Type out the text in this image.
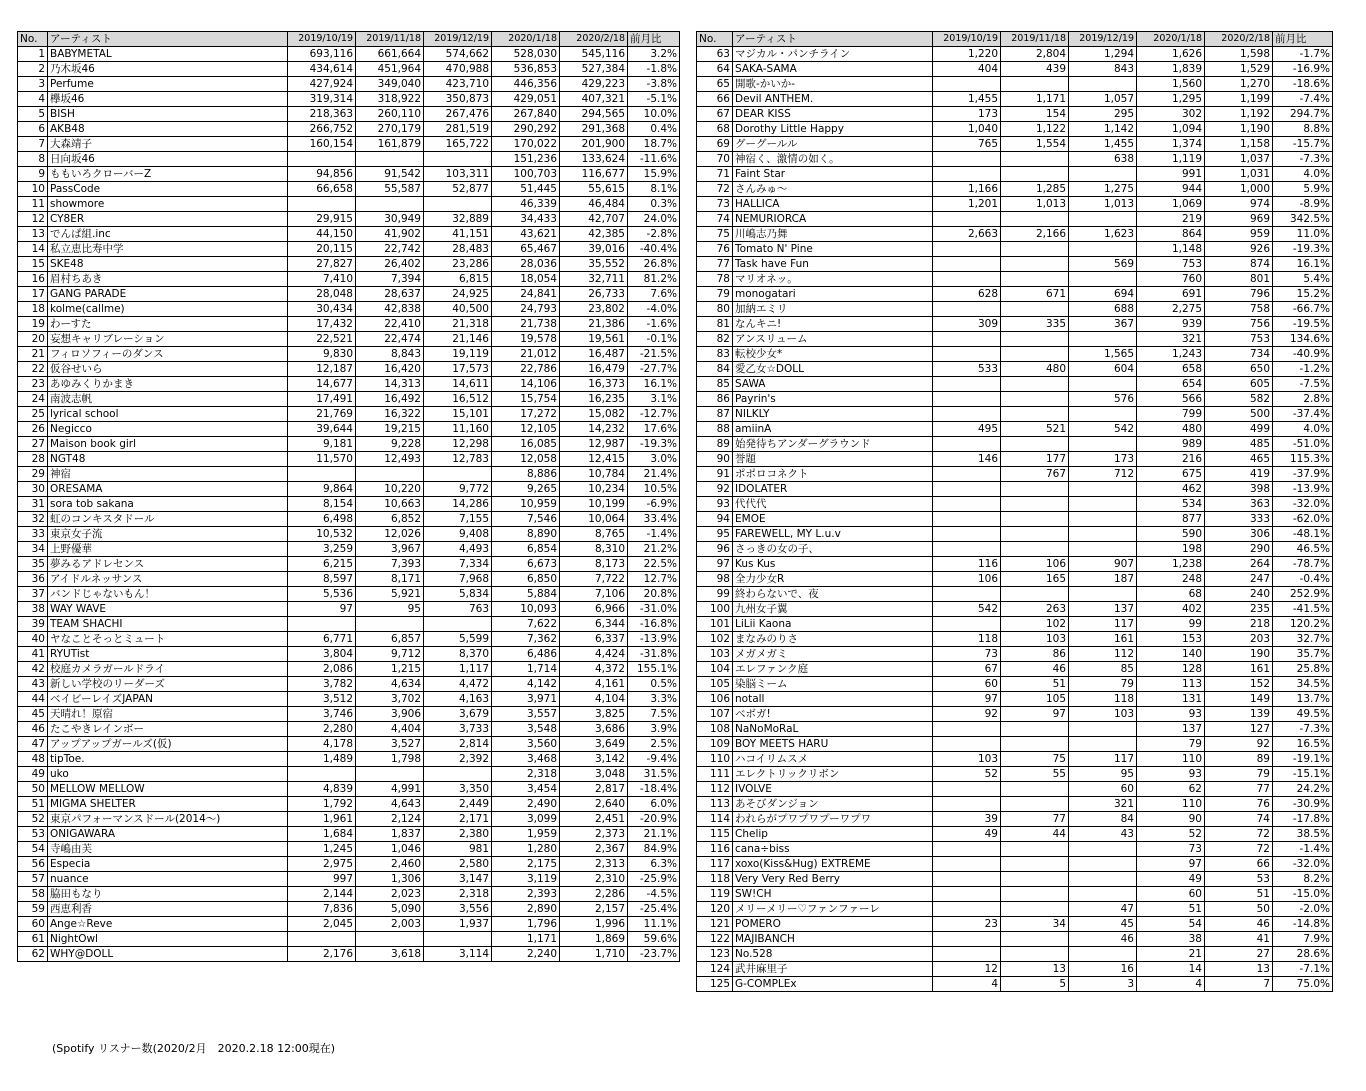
No.	アーティスト	2019/10/19	2019/11/18	2019/12/19	2020/1/18	2020/2/18	前月比
1	BABYMETAL	693,116	661,664	574,662	528,030	545,116	3.2%
2	乃木坂46	434,614	451,964	470,988	536,853	527,384	-1.8%
3	Perfume	427,924	349,040	423,710	446,356	429,223	-3.8%
4	欅坂46	319,314	318,922	350,873	429,051	407,321	-5.1%
5	BISH	218,363	260,110	267,476	267,840	294,565	10.0%
6	AKB48	266,752	270,179	281,519	290,292	291,368	0.4%
7	大森靖子	160,154	161,879	165,722	170,022	201,900	18.7%
8	日向坂46				151,236	133,624	-11.6%
9	ももいろクローバーZ	94,856	91,542	103,311	100,703	116,677	15.9%
10	PassCode	66,658	55,587	52,877	51,445	55,615	8.1%
11	showmore				46,339	46,484	0.3%
12	CY8ER	29,915	30,949	32,889	34,433	42,707	24.0%
13	でんぱ組.inc	44,150	41,902	41,151	43,621	42,385	-2.8%
14	私立恵比寿中学	20,115	22,742	28,483	65,467	39,016	-40.4%
15	SKE48	27,827	26,402	23,286	28,036	35,552	26.8%
16	眉村ちあき	7,410	7,394	6,815	18,054	32,711	81.2%
17	GANG PARADE	28,048	28,637	24,925	24,841	26,733	7.6%
18	kolme(callme)	30,434	42,838	40,500	24,793	23,802	-4.0%
19	わーすた	17,432	22,410	21,318	21,738	21,386	-1.6%
20	妄想キャリブレーション	22,521	22,474	21,146	19,578	19,561	-0.1%
21	フィロソフィーのダンス	9,830	8,843	19,119	21,012	16,487	-21.5%
22	仮谷せいら	12,187	16,420	17,573	22,786	16,479	-27.7%
23	あゆみくりかまき	14,677	14,313	14,611	14,106	16,373	16.1%
24	南波志帆	17,491	16,492	16,512	15,754	16,235	3.1%
25	lyrical school	21,769	16,322	15,101	17,272	15,082	-12.7%
26	Negicco	39,644	19,215	11,160	12,105	14,232	17.6%
27	Maison book girl	9,181	9,228	12,298	16,085	12,987	-19.3%
28	NGT48	11,570	12,493	12,783	12,058	12,415	3.0%
29	神宿				8,886	10,784	21.4%
30	ORESAMA	9,864	10,220	9,772	9,265	10,234	10.5%
31	sora tob sakana	8,154	10,663	14,286	10,959	10,199	-6.9%
32	虹のコンキスタドール	6,498	6,852	7,155	7,546	10,064	33.4%
33	東京女子流	10,532	12,026	9,408	8,890	8,765	-1.4%
34	上野優華	3,259	3,967	4,493	6,854	8,310	21.2%
35	夢みるアドレセンス	6,215	7,393	7,334	6,673	8,173	22.5%
36	アイドルネッサンス	8,597	8,171	7,968	6,850	7,722	12.7%
37	バンドじゃないもん！	5,536	5,921	5,834	5,884	7,106	20.8%
38	WAY WAVE	97	95	763	10,093	6,966	-31.0%
39	TEAM SHACHI				7,622	6,344	-16.8%
40	ヤなことそっとミュート	6,771	6,857	5,599	7,362	6,337	-13.9%
41	RYUTist	3,804	9,712	8,370	6,486	4,424	-31.8%
42	校庭カメラガールドライ	2,086	1,215	1,117	1,714	4,372	155.1%
43	新しい学校のリーダーズ	3,782	4,634	4,472	4,142	4,161	0.5%
44	ベイビーレイズJAPAN	3,512	3,702	4,163	3,971	4,104	3.3%
45	天晴れ！原宿	3,746	3,906	3,679	3,557	3,825	7.5%
46	たこやきレインボー	2,280	4,404	3,733	3,548	3,686	3.9%
47	アップアップガールズ(仮)	4,178	3,527	2,814	3,560	3,649	2.5%
48	tipToe.	1,489	1,798	2,392	3,468	3,142	-9.4%
49	uko				2,318	3,048	31.5%
50	MELLOW MELLOW	4,839	4,991	3,350	3,454	2,817	-18.4%
51	MIGMA SHELTER	1,792	4,643	2,449	2,490	2,640	6.0%
52	東京パフォーマンスドール(2014〜)	1,961	2,124	2,171	3,099	2,451	-20.9%
53	ONIGAWARA	1,684	1,837	2,380	1,959	2,373	21.1%
54	寺嶋由芙	1,245	1,046	981	1,280	2,367	84.9%
56	Especia	2,975	2,460	2,580	2,175	2,313	6.3%
57	nuance	997	1,306	3,147	3,119	2,310	-25.9%
58	脇田もなり	2,144	2,023	2,318	2,393	2,286	-4.5%
59	西恵利香	7,836	5,090	3,556	2,890	2,157	-25.4%
60	Ange☆Reve	2,045	2,003	1,937	1,796	1,996	11.1%
61	NightOwl				1,171	1,869	59.6%
62	WHY@DOLL	2,176	3,618	3,114	2,240	1,710	-23.7%
No.	アーティスト	2019/10/19	2019/11/18	2019/12/19	2020/1/18	2020/2/18	前月比
63	マジカル・パンチライン	1,220	2,804	1,294	1,626	1,598	-1.7%
64	SAKA-SAMA	404	439	843	1,839	1,529	-16.9%
65	開歌-かいか-				1,560	1,270	-18.6%
66	Devil ANTHEM.	1,455	1,171	1,057	1,295	1,199	-7.4%
67	DEAR KISS	173	154	295	302	1,192	294.7%
68	Dorothy Little Happy	1,040	1,122	1,142	1,094	1,190	8.8%
69	グーグールル	765	1,554	1,455	1,374	1,158	-15.7%
70	神宿く、激情の如く。			638	1,119	1,037	-7.3%
71	Faint Star				991	1,031	4.0%
72	さんみゅ〜	1,166	1,285	1,275	944	1,000	5.9%
73	HALLICA	1,201	1,013	1,013	1,069	974	-8.9%
74	NEMURIORCA				219	969	342.5%
75	川嶋志乃舞	2,663	2,166	1,623	864	959	11.0%
76	Tomato N' Pine				1,148	926	-19.3%
77	Task have Fun			569	753	874	16.1%
78	マリオネッ。				760	801	5.4%
79	monogatari	628	671	694	691	796	15.2%
80	加納エミリ			688	2,275	758	-66.7%
81	なんキニ!	309	335	367	939	756	-19.5%
82	アンスリューム				321	753	134.6%
83	転校少女*			1,565	1,243	734	-40.9%
84	愛乙女☆DOLL	533	480	604	658	650	-1.2%
85	SAWA				654	605	-7.5%
86	Payrin's			576	566	582	2.8%
87	NILKLY				799	500	-37.4%
88	amiinA	495	521	542	480	499	4.0%
89	始発待ちアンダーグラウンド				989	485	-51.0%
90	誉題	146	177	173	216	465	115.3%
91	ポポロコネクト		767	712	675	419	-37.9%
92	IDOLATER				462	398	-13.9%
93	代代代				534	363	-32.0%
94	EMOE				877	333	-62.0%
95	FAREWELL, MY L.u.v				590	306	-48.1%
96	さっきの女の子、				198	290	46.5%
97	Kus Kus	116	106	907	1,238	264	-78.7%
98	全力少女R	106	165	187	248	247	-0.4%
99	終わらないで、夜				68	240	252.9%
100	九州女子翼	542	263	137	402	235	-41.5%
101	LiLii Kaona		102	117	99	218	120.2%
102	まなみのりさ	118	103	161	153	203	32.7%
103	メガメガミ	73	86	112	140	190	35.7%
104	エレファンク庭	67	46	85	128	161	25.8%
105	染脳ミーム	60	51	79	113	152	34.5%
106	notall	97	105	118	131	149	13.7%
107	ベボガ!	92	97	103	93	139	49.5%
108	NaNoMoRaL				137	127	-7.3%
109	BOY MEETS HARU				79	92	16.5%
110	ハコイリムスメ	103	75	117	110	89	-19.1%
111	エレクトリックリボン	52	55	95	93	79	-15.1%
112	IVOLVE			60	62	77	24.2%
113	あそびダンジョン			321	110	76	-30.9%
114	われらがプワプワプーワプワ	39	77	84	90	74	-17.8%
115	Chelip	49	44	43	52	72	38.5%
116	cana÷biss				73	72	-1.4%
117	xoxo(Kiss&Hug) EXTREME				97	66	-32.0%
118	Very Very Red Berry				49	53	8.2%
119	SW!CH				60	51	-15.0%
120	メリーメリー♡ファンファーレ			47	51	50	-2.0%
121	POMERO	23	34	45	54	46	-14.8%
122	MAJIBANCH			46	38	41	7.9%
123	No.528				21	27	28.6%
124	武井麻里子	12	13	16	14	13	-7.1%
125	G-COMPLEx	4	5	3	4	7	75.0%
(Spotify リスナー数(2020/2月　2020.2.18 12:00現在)
